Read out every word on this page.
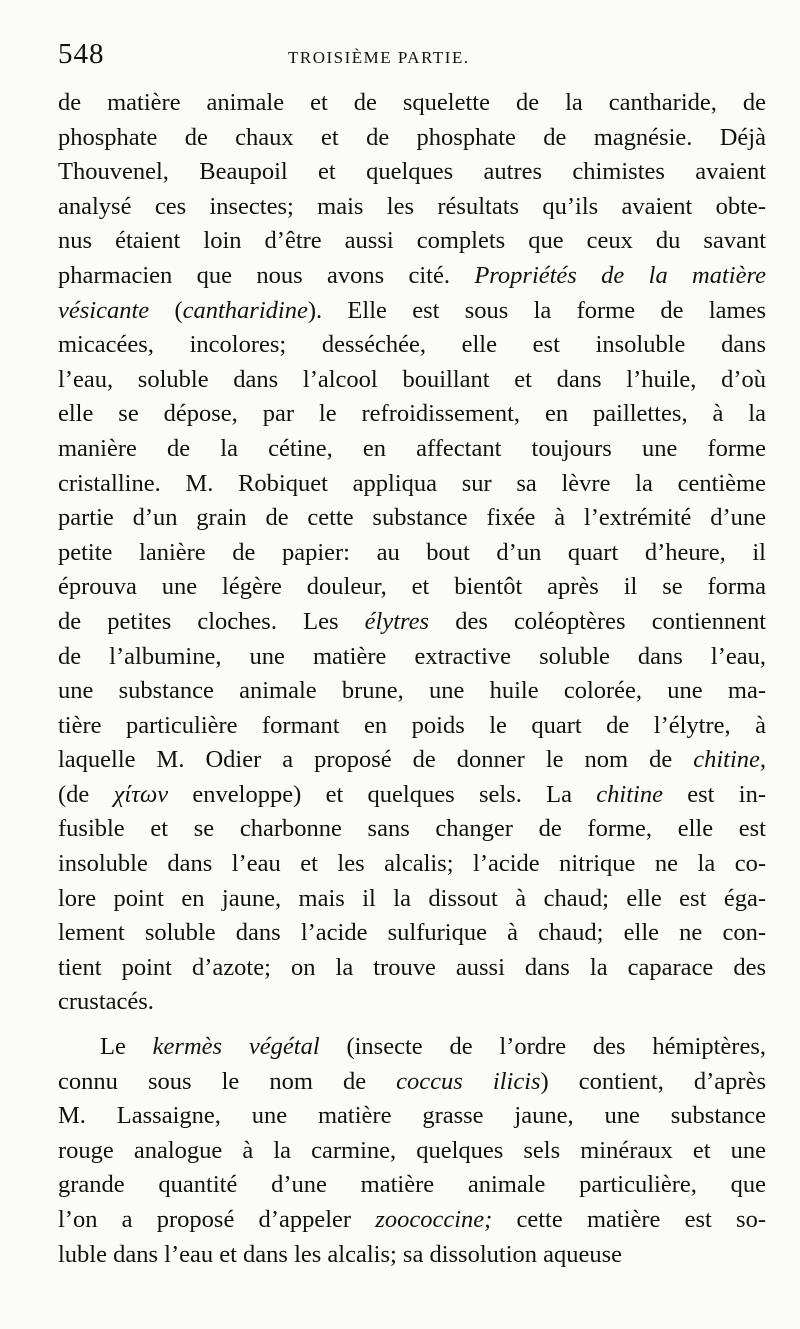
548	TROISIÈME PARTIE.
de matière animale et de squelette de la cantharide, de
phosphate de chaux et de phosphate de magnésie. Déjà
Thouvenel, Beaupoil et quelques autres chimistes avaient
analysé ces insectes; mais les résultats qu’ils avaient obte-
nus étaient loin d’être aussi complets que ceux du savant
pharmacien que nous avons cité. Propriétés de la matière
vésicante (cantharidine). Elle est sous la forme de lames
micacées, incolores; desséchée, elle est insoluble dans
l’eau, soluble dans l’alcool bouillant et dans l’huile, d’où
elle se dépose, par le refroidissement, en paillettes, à la
manière de la cétine, en affectant toujours une forme
cristalline. M. Robiquet appliqua sur sa lèvre la centième
partie d’un grain de cette substance fixée à l’extrémité d’une
petite lanière de papier: au bout d’un quart d’heure, il
éprouva une légère douleur, et bientôt après il se forma
de petites cloches. Les élytres des coléoptères contiennent
de l’albumine, une matière extractive soluble dans l’eau,
une substance animale brune, une huile colorée, une ma-
tière particulière formant en poids le quart de l’élytre, à
laquelle M. Odier a proposé de donner le nom de chitine,
(de χίτων enveloppe) et quelques sels. La chitine est in-
fusible et se charbonne sans changer de forme, elle est
insoluble dans l’eau et les alcalis; l’acide nitrique ne la co-
lore point en jaune, mais il la dissout à chaud; elle est éga-
lement soluble dans l’acide sulfurique à chaud; elle ne con-
tient point d’azote; on la trouve aussi dans la caparace des
crustacés.
Le kermès végétal (insecte de l’ordre des hémiptères,
connu sous le nom de coccus ilicis) contient, d’après
M. Lassaigne, une matière grasse jaune, une substance
rouge analogue à la carmine, quelques sels minéraux et une
grande quantité d’une matière animale particulière, que
l’on a proposé d’appeler zoococcine; cette matière est so-
luble dans l’eau et dans les alcalis; sa dissolution aqueuse
